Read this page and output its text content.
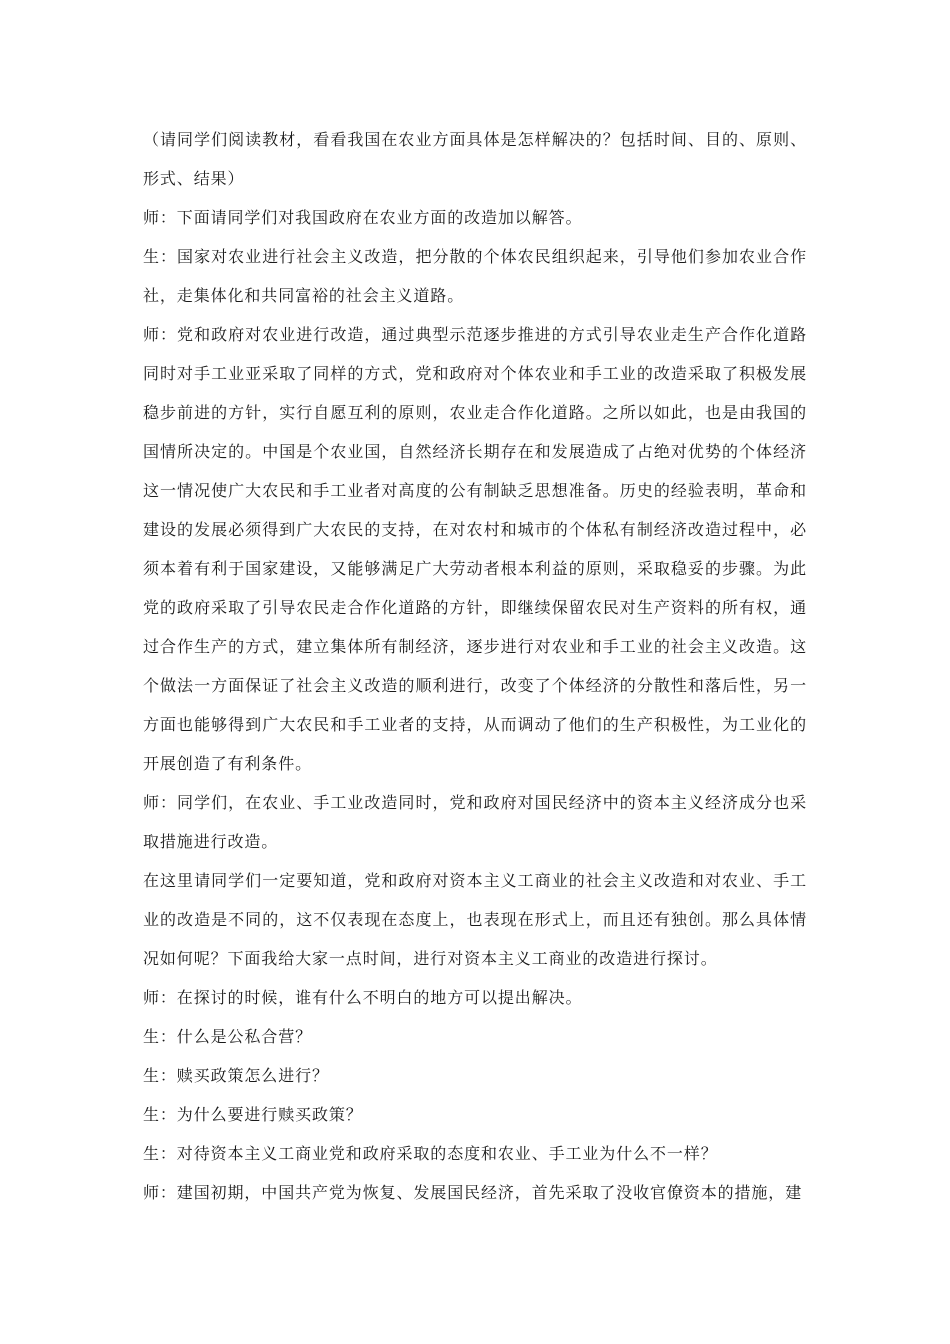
（请同学们阅读教材，看看我国在农业方面具体是怎样解决的？包括时间、目的、原则、形式、结果）

师：下面请同学们对我国政府在农业方面的改造加以解答。

生：国家对农业进行社会主义改造，把分散的个体农民组织起来，引导他们参加农业合作社，走集体化和共同富裕的社会主义道路。

师：党和政府对农业进行改造，通过典型示范逐步推进的方式引导农业走生产合作化道路同时对手工业亚采取了同样的方式，党和政府对个体农业和手工业的改造采取了积极发展稳步前进的方针，实行自愿互利的原则，农业走合作化道路。之所以如此，也是由我国的国情所决定的。中国是个农业国，自然经济长期存在和发展造成了占绝对优势的个体经济这一情况使广大农民和手工业者对高度的公有制缺乏思想准备。历史的经验表明，革命和建设的发展必须得到广大农民的支持，在对农村和城市的个体私有制经济改造过程中，必须本着有利于国家建设，又能够满足广大劳动者根本利益的原则，采取稳妥的步骤。为此党的政府采取了引导农民走合作化道路的方针，即继续保留农民对生产资料的所有权，通过合作生产的方式，建立集体所有制经济，逐步进行对农业和手工业的社会主义改造。这个做法一方面保证了社会主义改造的顺利进行，改变了个体经济的分散性和落后性，另一方面也能够得到广大农民和手工业者的支持，从而调动了他们的生产积极性，为工业化的开展创造了有利条件。

师：同学们，在农业、手工业改造同时，党和政府对国民经济中的资本主义经济成分也采取措施进行改造。

在这里请同学们一定要知道，党和政府对资本主义工商业的社会主义改造和对农业、手工业的改造是不同的，这不仅表现在态度上，也表现在形式上，而且还有独创。那么具体情况如何呢？下面我给大家一点时间，进行对资本主义工商业的改造进行探讨。

师：在探讨的时候，谁有什么不明白的地方可以提出解决。

生：什么是公私合营？

生：赎买政策怎么进行？

生：为什么要进行赎买政策？

生：对待资本主义工商业党和政府采取的态度和农业、手工业为什么不一样？

师：建国初期，中国共产党为恢复、发展国民经济，首先采取了没收官僚资本的措施，建
